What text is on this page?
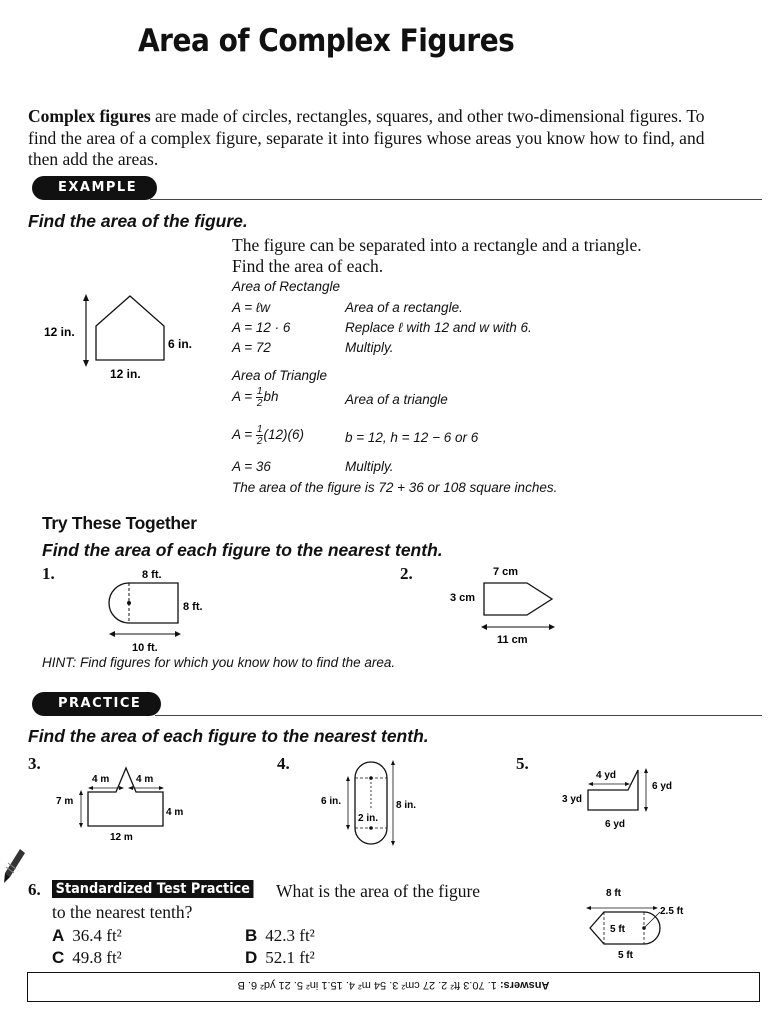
Area of Complex Figures
Complex figures are made of circles, rectangles, squares, and other two-dimensional figures. To find the area of a complex figure, separate it into figures whose areas you know how to find, and then add the areas.
EXAMPLE
Find the area of the figure.
The figure can be separated into a rectangle and a triangle.
Find the area of each.
12 in.
6 in.
12 in.
Area of Rectangle
A = ℓw	Area of a rectangle.
A = 12 · 6	Replace ℓ with 12 and w with 6.
A = 72	Multiply.
Area of Triangle
$A = \frac{1}{2}$ bh	Area of a triangle
$A = \frac{1}{2} (12)(6)$	b = 12, h = 12 − 6 or 6
A = 36	Multiply.
The area of the figure is 72 + 36 or 108 square inches.
Try These Together
Find the area of each figure to the nearest tenth.
1.	8 ft.
8 ft.
10 ft.
2.	7 cm
3 cm
11 cm
HINT: Find figures for which you know how to find the area.
PRACTICE
Find the area of each figure to the nearest tenth.
3.
4 m	4 m
7 m
4 m
12 m
4.
6 in.
2 in.
8 in.
5.
4 yd
6 yd
3 yd
6 yd
6. Standardized Test Practice	What is the area of the figure
to the nearest tenth?
A 36.4 ft²	B 42.3 ft²
C 49.8 ft²	D 52.1 ft²
8 ft
2.5 ft
5 ft
5 ft
Answers: 1. 70.3 ft² 2. 27 cm² 3. 54 m² 4. 15.1 in² 5. 21 yd² 6. B
